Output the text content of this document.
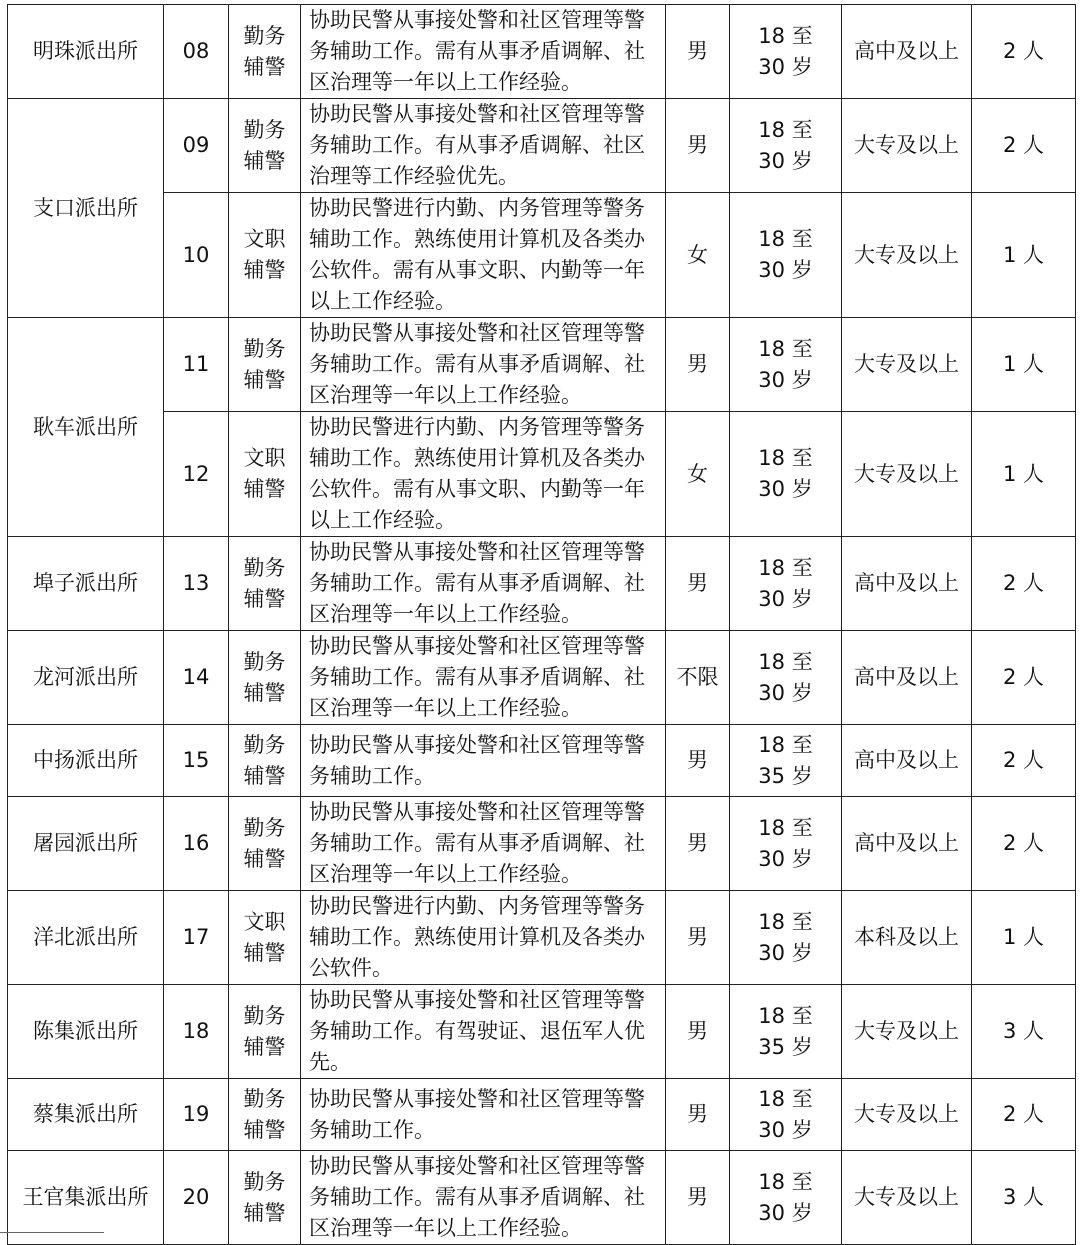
明珠派出所	08	勤务辅警	协助民警从事接处警和社区管理等警务辅助工作。需有从事矛盾调解、社区治理等一年以上工作经验。	男	18 至 30 岁	高中及以上	2 人
支口派出所	09	勤务辅警	协助民警从事接处警和社区管理等警务辅助工作。有从事矛盾调解、社区治理等工作经验优先。	男	18 至 30 岁	大专及以上	2 人
	10	文职辅警	协助民警进行内勤、内务管理等警务辅助工作。熟练使用计算机及各类办公软件。需有从事文职、内勤等一年以上工作经验。	女	18 至 30 岁	大专及以上	1 人
耿车派出所	11	勤务辅警	协助民警从事接处警和社区管理等警务辅助工作。需有从事矛盾调解、社区治理等一年以上工作经验。	男	18 至 30 岁	大专及以上	1 人
	12	文职辅警	协助民警进行内勤、内务管理等警务辅助工作。熟练使用计算机及各类办公软件。需有从事文职、内勤等一年以上工作经验。	女	18 至 30 岁	大专及以上	1 人
埠子派出所	13	勤务辅警	协助民警从事接处警和社区管理等警务辅助工作。需有从事矛盾调解、社区治理等一年以上工作经验。	男	18 至 30 岁	高中及以上	2 人
龙河派出所	14	勤务辅警	协助民警从事接处警和社区管理等警务辅助工作。需有从事矛盾调解、社区治理等一年以上工作经验。	不限	18 至 30 岁	高中及以上	2 人
中扬派出所	15	勤务辅警	协助民警从事接处警和社区管理等警务辅助工作。	男	18 至 35 岁	高中及以上	2 人
屠园派出所	16	勤务辅警	协助民警从事接处警和社区管理等警务辅助工作。需有从事矛盾调解、社区治理等一年以上工作经验。	男	18 至 30 岁	高中及以上	2 人
洋北派出所	17	文职辅警	协助民警进行内勤、内务管理等警务辅助工作。熟练使用计算机及各类办公软件。	男	18 至 30 岁	本科及以上	1 人
陈集派出所	18	勤务辅警	协助民警从事接处警和社区管理等警务辅助工作。有驾驶证、退伍军人优先。	男	18 至 35 岁	大专及以上	3 人
蔡集派出所	19	勤务辅警	协助民警从事接处警和社区管理等警务辅助工作。	男	18 至 30 岁	大专及以上	2 人
王官集派出所	20	勤务辅警	协助民警从事接处警和社区管理等警务辅助工作。需有从事矛盾调解、社区治理等一年以上工作经验。	男	18 至 30 岁	大专及以上	3 人
